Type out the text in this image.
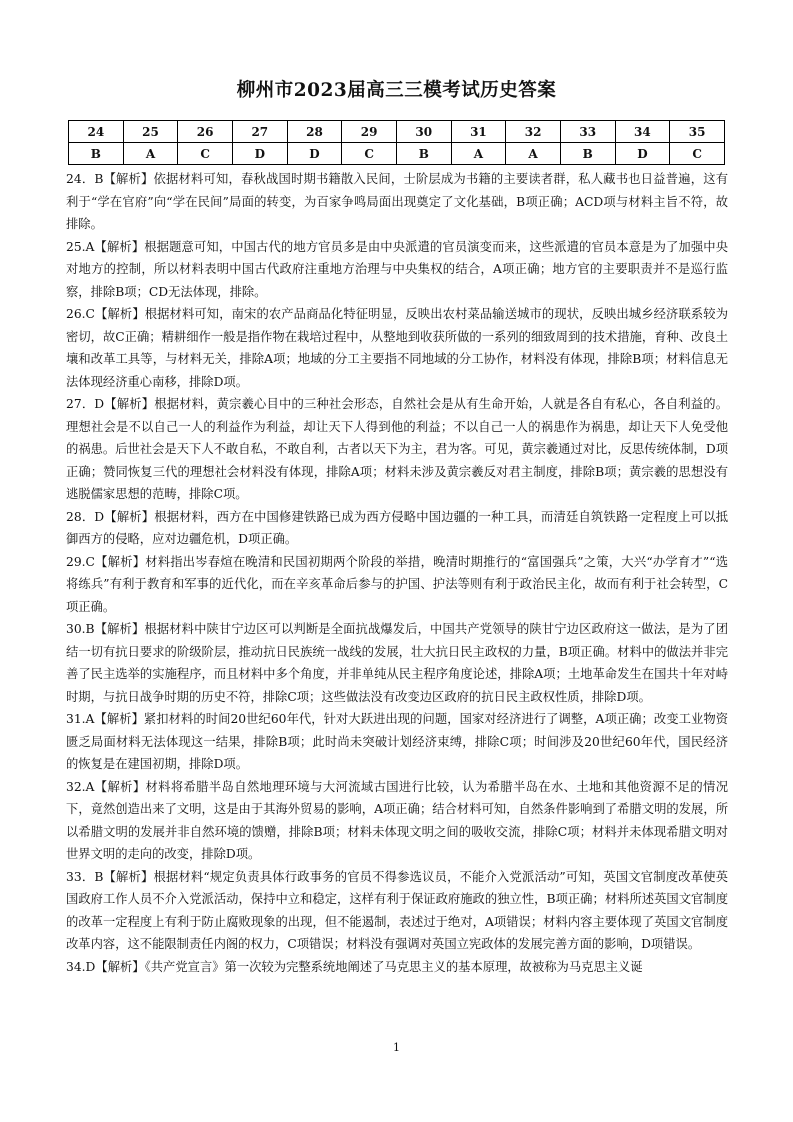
柳州市2023届高三三模考试历史答案
24	25	26	27	28	29	30	31	32	33	34	35
B	A	C	D	D	C	B	A	A	B	D	C

24．B【解析】依据材料可知，春秋战国时期书籍散入民间，士阶层成为书籍的主要读者群，私人藏书也日益普遍，这有利于“学在官府”向“学在民间”局面的转变，为百家争鸣局面出现奠定了文化基础，B项正确；ACD项与材料主旨不符，故排除。

25.A【解析】根据题意可知，中国古代的地方官员多是由中央派遣的官员演变而来，这些派遣的官员本意是为了加强中央对地方的控制，所以材料表明中国古代政府注重地方治理与中央集权的结合，A项正确；地方官的主要职责并不是巡行监察，排除B项；CD无法体现，排除。

26.C【解析】根据材料可知，南宋的农产品商品化特征明显，反映出农村菜品输送城市的现状，反映出城乡经济联系较为密切，故C正确；精耕细作一般是指作物在栽培过程中，从整地到收获所做的一系列的细致周到的技术措施，育种、改良土壤和改革工具等，与材料无关，排除A项；地域的分工主要指不同地域的分工协作，材料没有体现，排除B项；材料信息无法体现经济重心南移，排除D项。

27．D【解析】根据材料，黄宗羲心目中的三种社会形态，自然社会是从有生命开始，人就是各自有私心，各自利益的。理想社会是不以自己一人的利益作为利益，却让天下人得到他的利益；不以自己一人的祸患作为祸患，却让天下人免受他的祸患。后世社会是天下人不敢自私，不敢自利，古者以天下为主，君为客。可见，黄宗羲通过对比，反思传统体制，D项正确；赞同恢复三代的理想社会材料没有体现，排除A项；材料未涉及黄宗羲反对君主制度，排除B项；黄宗羲的思想没有逃脱儒家思想的范畴，排除C项。

28．D【解析】根据材料，西方在中国修建铁路已成为西方侵略中国边疆的一种工具，而清廷自筑铁路一定程度上可以抵御西方的侵略，应对边疆危机，D项正确。

29.C【解析】材料指出岑春煊在晚清和民国初期两个阶段的举措，晚清时期推行的“富国强兵”之策，大兴“办学育才”“选将练兵”有利于教育和军事的近代化，而在辛亥革命后参与的护国、护法等则有利于政治民主化，故而有利于社会转型，C项正确。

30.B【解析】根据材料中陕甘宁边区可以判断是全面抗战爆发后，中国共产党领导的陕甘宁边区政府这一做法，是为了团结一切有抗日要求的阶级阶层，推动抗日民族统一战线的发展，壮大抗日民主政权的力量，B项正确。材料中的做法并非完善了民主选举的实施程序，而且材料中多个角度，并非单纯从民主程序角度论述，排除A项；土地革命发生在国共十年对峙时期，与抗日战争时期的历史不符，排除C项；这些做法没有改变边区政府的抗日民主政权性质，排除D项。

31.A【解析】紧扣材料的时间20世纪60年代，针对大跃进出现的问题，国家对经济进行了调整，A项正确；改变工业物资匮乏局面材料无法体现这一结果，排除B项；此时尚未突破计划经济束缚，排除C项；时间涉及20世纪60年代，国民经济的恢复是在建国初期，排除D项。

32.A【解析】材料将希腊半岛自然地理环境与大河流域古国进行比较，认为希腊半岛在水、土地和其他资源不足的情况下，竟然创造出来了文明，这是由于其海外贸易的影响，A项正确；结合材料可知，自然条件影响到了希腊文明的发展，所以希腊文明的发展并非自然环境的馈赠，排除B项；材料未体现文明之间的吸收交流，排除C项；材料并未体现希腊文明对世界文明的走向的改变，排除D项。

33．B【解析】根据材料“规定负责具体行政事务的官员不得参选议员，不能介入党派活动”可知，英国文官制度改革使英国政府工作人员不介入党派活动，保持中立和稳定，这样有利于保证政府施政的独立性，B项正确；材料所述英国文官制度的改革一定程度上有利于防止腐败现象的出现，但不能遏制，表述过于绝对，A项错误；材料内容主要体现了英国文官制度改革内容，这不能限制责任内阁的权力，C项错误；材料没有强调对英国立宪政体的发展完善方面的影响，D项错误。

34.D【解析】《共产党宣言》第一次较为完整系统地阐述了马克思主义的基本原理，故被称为马克思主义诞

1
